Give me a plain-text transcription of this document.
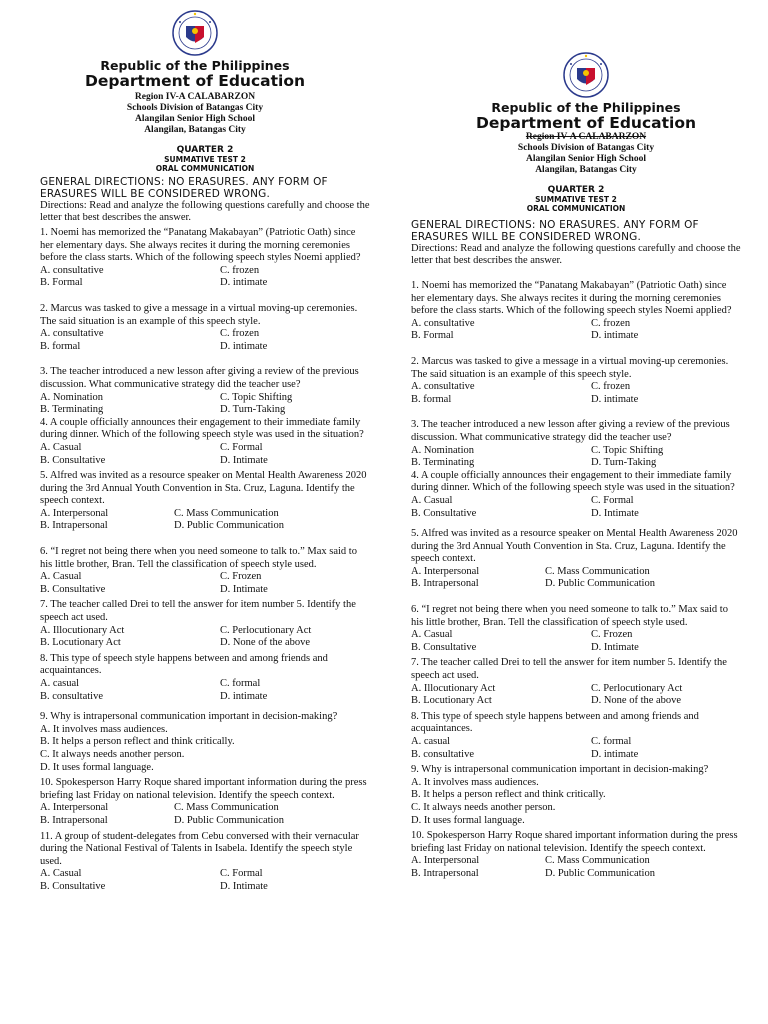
Republic of the Philippines
Department of Education
Region IV-A CALABARZON
Schools Division of Batangas City
Alangilan Senior High School
Alangilan, Batangas City
QUARTER 2
SUMMATIVE TEST 2
ORAL COMMUNICATION
GENERAL DIRECTIONS: NO ERASURES. ANY FORM OF ERASURES WILL BE CONSIDERED WRONG.
Directions: Read and analyze the following questions carefully and choose the letter that best describes the answer.

1. Noemi has memorized the “Panatang Makabayan” (Patriotic Oath) since her elementary days. She always recites it during the morning ceremonies before the class starts. Which of the following speech styles Noemi applied?

A. consultative	C. frozen
B. Formal	D. intimate

2. Marcus was tasked to give a message in a virtual moving-up ceremonies. The said situation is an example of this speech style.

A. consultative	C. frozen
B. formal	D. intimate

3. The teacher introduced a new lesson after giving a review of the previous discussion. What communicative strategy did the teacher use?

A. Nomination	C. Topic Shifting
B. Terminating	D. Turn-Taking

4. A couple officially announces their engagement to their immediate family during dinner. Which of the following speech style was used in the situation?

A. Casual	C. Formal
B. Consultative	D. Intimate

5. Alfred was invited as a resource speaker on Mental Health Awareness 2020 during the 3rd Annual Youth Convention in Sta. Cruz, Laguna. Identify the speech context.

A. Interpersonal	C. Mass Communication
B. Intrapersonal	D. Public Communication

6. “I regret not being there when you need someone to talk to.” Max said to his little brother, Bran. Tell the classification of speech style used.

A. Casual	C. Frozen
B. Consultative	D. Intimate

7. The teacher called Drei to tell the answer for item number 5. Identify the speech act used.

A. Illocutionary Act	C. Perlocutionary Act
B. Locutionary Act	D. None of the above

8. This type of speech style happens between and among friends and acquaintances.

A. casual	C. formal
B. consultative	D. intimate

9. Why is intrapersonal communication important in decision-making?

A. It involves mass audiences.
B. It helps a person reflect and think critically.
C. It always needs another person.
D. It uses formal language.

10. Spokesperson Harry Roque shared important information during the press briefing last Friday on national television. Identify the speech context.

A. Interpersonal	C. Mass Communication
B. Intrapersonal	D. Public Communication

11. A group of student-delegates from Cebu conversed with their vernacular during the National Festival of Talents in Isabela. Identify the speech style used.

A. Casual	C. Formal
B. Consultative	D. Intimate
Republic of the Philippines
Department of Education
Region IV-A CALABARZON
Schools Division of Batangas City
Alangilan Senior High School
Alangilan, Batangas City
QUARTER 2
SUMMATIVE TEST 2
ORAL COMMUNICATION
GENERAL DIRECTIONS: NO ERASURES. ANY FORM OF ERASURES WILL BE CONSIDERED WRONG.
Directions: Read and analyze the following questions carefully and choose the letter that best describes the answer.

1. Noemi has memorized the “Panatang Makabayan” (Patriotic Oath) since her elementary days. She always recites it during the morning ceremonies before the class starts. Which of the following speech styles Noemi applied?

A. consultative	C. frozen
B. Formal	D. intimate

2. Marcus was tasked to give a message in a virtual moving-up ceremonies. The said situation is an example of this speech style.

A. consultative	C. frozen
B. formal	D. intimate

3. The teacher introduced a new lesson after giving a review of the previous discussion. What communicative strategy did the teacher use?

A. Nomination	C. Topic Shifting
B. Terminating	D. Turn-Taking

4. A couple officially announces their engagement to their immediate family during dinner. Which of the following speech style was used in the situation?

A. Casual	C. Formal
B. Consultative	D. Intimate

5. Alfred was invited as a resource speaker on Mental Health Awareness 2020 during the 3rd Annual Youth Convention in Sta. Cruz, Laguna. Identify the speech context.

A. Interpersonal	C. Mass Communication
B. Intrapersonal	D. Public Communication

6. “I regret not being there when you need someone to talk to.” Max said to his little brother, Bran. Tell the classification of speech style used.

A. Casual	C. Frozen
B. Consultative	D. Intimate

7. The teacher called Drei to tell the answer for item number 5. Identify the speech act used.

A. Illocutionary Act	C. Perlocutionary Act
B. Locutionary Act	D. None of the above

8. This type of speech style happens between and among friends and acquaintances.

A. casual	C. formal
B. consultative	D. intimate

9. Why is intrapersonal communication important in decision-making?

A. It involves mass audiences.
B. It helps a person reflect and think critically.
C. It always needs another person.
D. It uses formal language.

10. Spokesperson Harry Roque shared important information during the press briefing last Friday on national television. Identify the speech context.

A. Interpersonal	C. Mass Communication
B. Intrapersonal	D. Public Communication
